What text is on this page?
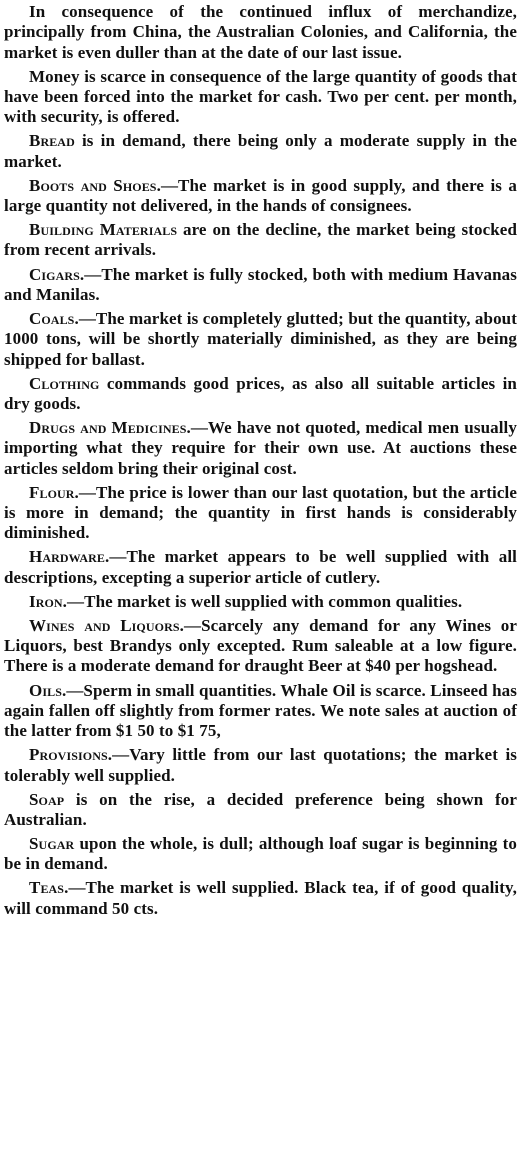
In consequence of the continued influx of merchandize, principally from China, the Australian Colonies, and California, the market is even duller than at the date of our last issue.

Money is scarce in consequence of the large quantity of goods that have been forced into the market for cash. Two per cent. per month, with security, is offered.

Bread is in demand, there being only a moderate supply in the market.

Boots and Shoes.—The market is in good supply, and there is a large quantity not delivered, in the hands of consignees.

Building Materials are on the decline, the market being stocked from recent arrivals.

Cigars.—The market is fully stocked, both with medium Havanas and Manilas.

Coals.—The market is completely glutted; but the quantity, about 1000 tons, will be shortly materially diminished, as they are being shipped for ballast.

Clothing commands good prices, as also all suitable articles in dry goods.

Drugs and Medicines.—We have not quoted, medical men usually importing what they require for their own use. At auctions these articles seldom bring their original cost.

Flour.—The price is lower than our last quotation, but the article is more in demand; the quantity in first hands is considerably diminished.

Hardware.—The market appears to be well supplied with all descriptions, excepting a superior article of cutlery.

Iron.—The market is well supplied with common qualities.

Wines and Liquors.—Scarcely any demand for any Wines or Liquors, best Brandys only excepted. Rum saleable at a low figure. There is a moderate demand for draught Beer at $40 per hogshead.

Oils.—Sperm in small quantities. Whale Oil is scarce. Linseed has again fallen off slightly from former rates. We note sales at auction of the latter from $1 50 to $1 75,

Provisions.—Vary little from our last quotations; the market is tolerably well supplied.

Soap is on the rise, a decided preference being shown for Australian.

Sugar upon the whole, is dull; although loaf sugar is beginning to be in demand.

Teas.—The market is well supplied. Black tea, if of good quality, will command 50 cts.
